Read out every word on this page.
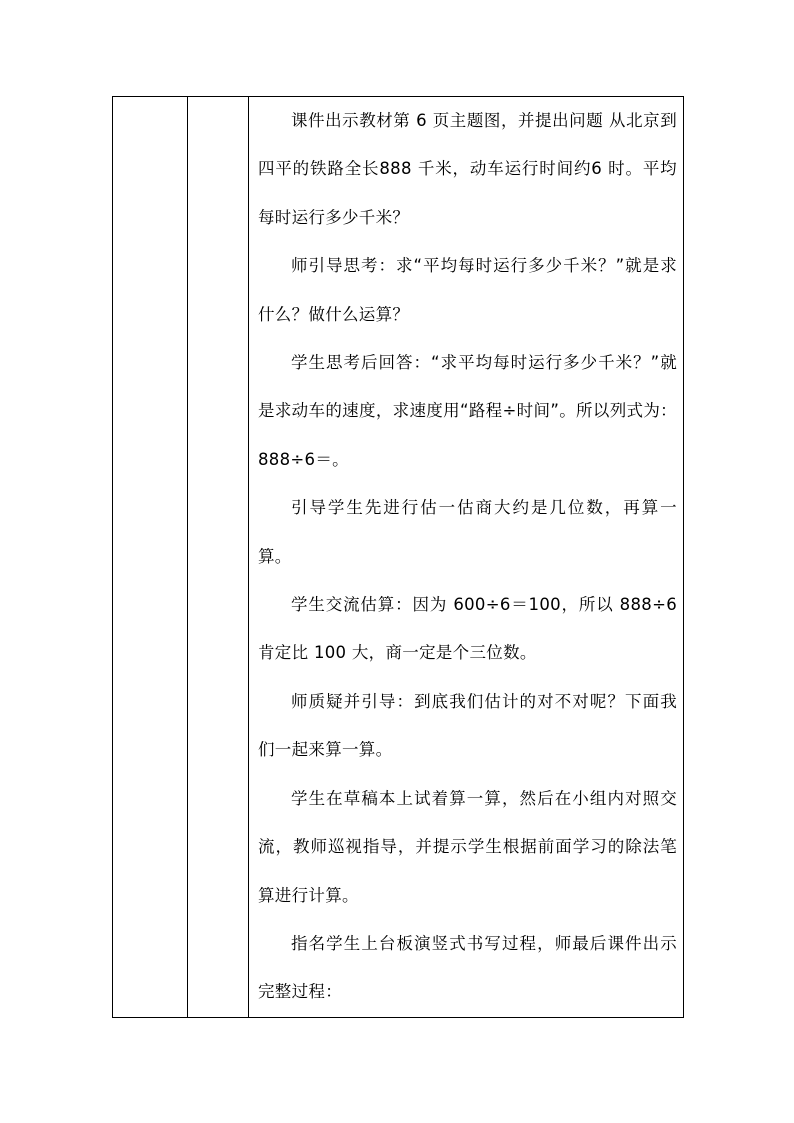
课件出示教材第 6 页主题图，并提出问题 从北京到四平的铁路全长888 千米，动车运行时间约6 时。平均每时运行多少千米？

师引导思考：求“平均每时运行多少千米？”就是求什么？做什么运算？

学生思考后回答：“求平均每时运行多少千米？”就是求动车的速度，求速度用“路程÷时间”。所以列式为：888÷6＝。

引导学生先进行估一估商大约是几位数，再算一算。

学生交流估算：因为 600÷6＝100，所以 888÷6 肯定比 100 大，商一定是个三位数。

师质疑并引导：到底我们估计的对不对呢？下面我们一起来算一算。

学生在草稿本上试着算一算，然后在小组内对照交流，教师巡视指导，并提示学生根据前面学习的除法笔算进行计算。

指名学生上台板演竖式书写过程，师最后课件出示完整过程：
